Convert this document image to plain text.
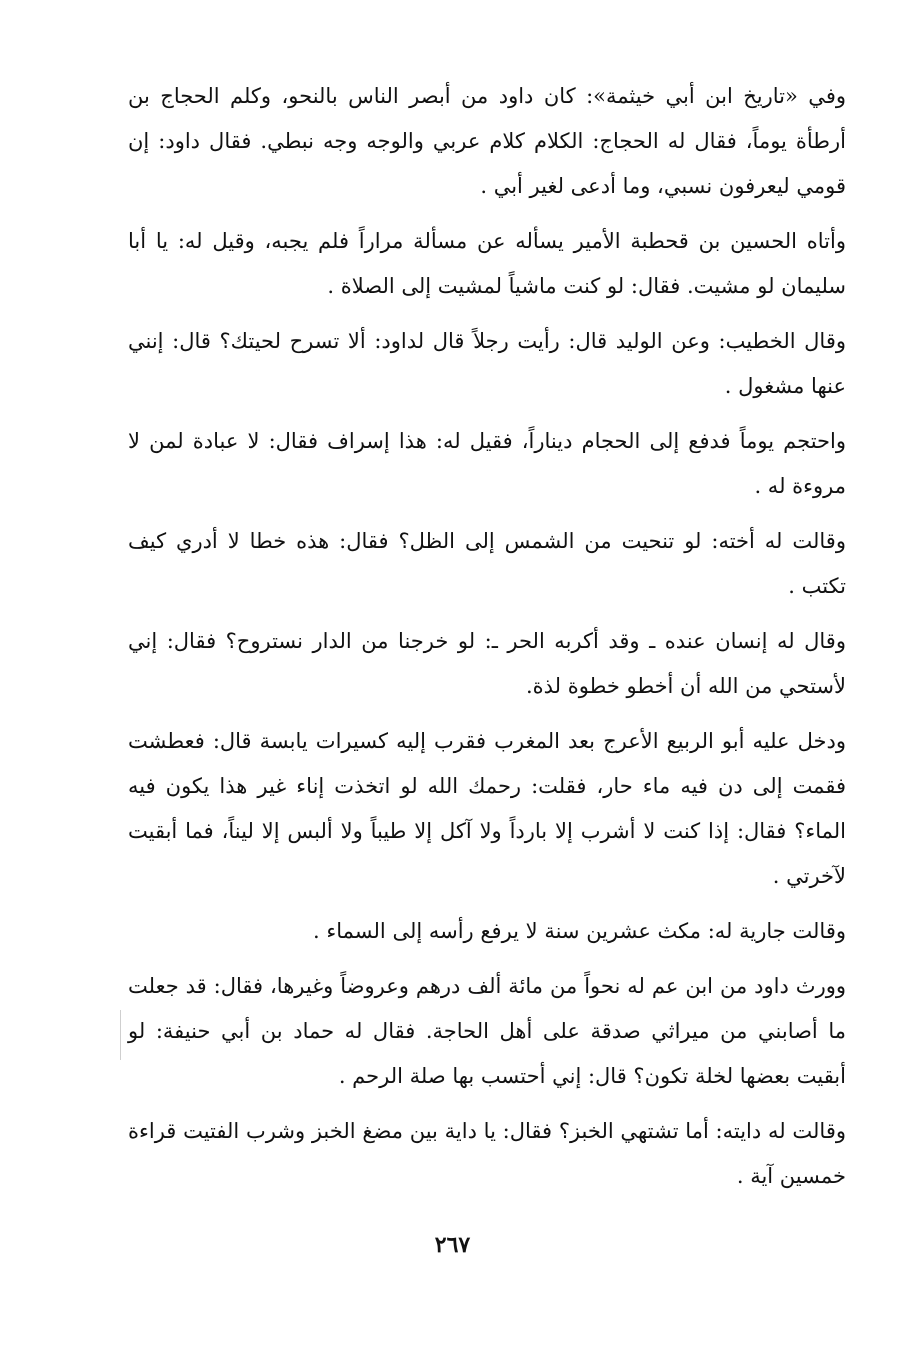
وفي «تاريخ ابن أبي خيثمة»: كان داود من أبصر الناس بالنحو، وكلم الحجاج بن أرطأة يوماً، فقال له الحجاج: الكلام كلام عربي والوجه وجه نبطي. فقال داود: إن قومي ليعرفون نسبي، وما أدعى لغير أبي .

وأتاه الحسين بن قحطبة الأمير يسأله عن مسألة مراراً فلم يجبه، وقيل له: يا أبا سليمان لو مشيت. فقال: لو كنت ماشياً لمشيت إلى الصلاة .

وقال الخطيب: وعن الوليد قال: رأيت رجلاً قال لداود: ألا تسرح لحيتك؟ قال: إنني عنها مشغول .

واحتجم يوماً فدفع إلى الحجام ديناراً، فقيل له: هذا إسراف فقال: لا عبادة لمن لا مروءة له .

وقالت له أخته: لو تنحيت من الشمس إلى الظل؟ فقال: هذه خطا لا أدري كيف تكتب .

وقال له إنسان عنده ـ وقد أكربه الحر ـ: لو خرجنا من الدار نستروح؟ فقال: إني لأستحي من الله أن أخطو خطوة لذة.

ودخل عليه أبو الربيع الأعرج بعد المغرب فقرب إليه كسيرات يابسة قال: فعطشت فقمت إلى دن فيه ماء حار، فقلت: رحمك الله لو اتخذت إناء غير هذا يكون فيه الماء؟ فقال: إذا كنت لا أشرب إلا بارداً ولا آكل إلا طيباً ولا ألبس إلا ليناً، فما أبقيت لآخرتي .

وقالت جارية له: مكث عشرين سنة لا يرفع رأسه إلى السماء .

وورث داود من ابن عم له نحواً من مائة ألف درهم وعروضاً وغيرها، فقال: قد جعلت ما أصابني من ميراثي صدقة على أهل الحاجة. فقال له حماد بن أبي حنيفة: لو أبقيت بعضها لخلة تكون؟ قال: إني أحتسب بها صلة الرحم .

وقالت له دايته: أما تشتهي الخبز؟ فقال: يا داية بين مضغ الخبز وشرب الفتيت قراءة خمسين آية .

٢٦٧
